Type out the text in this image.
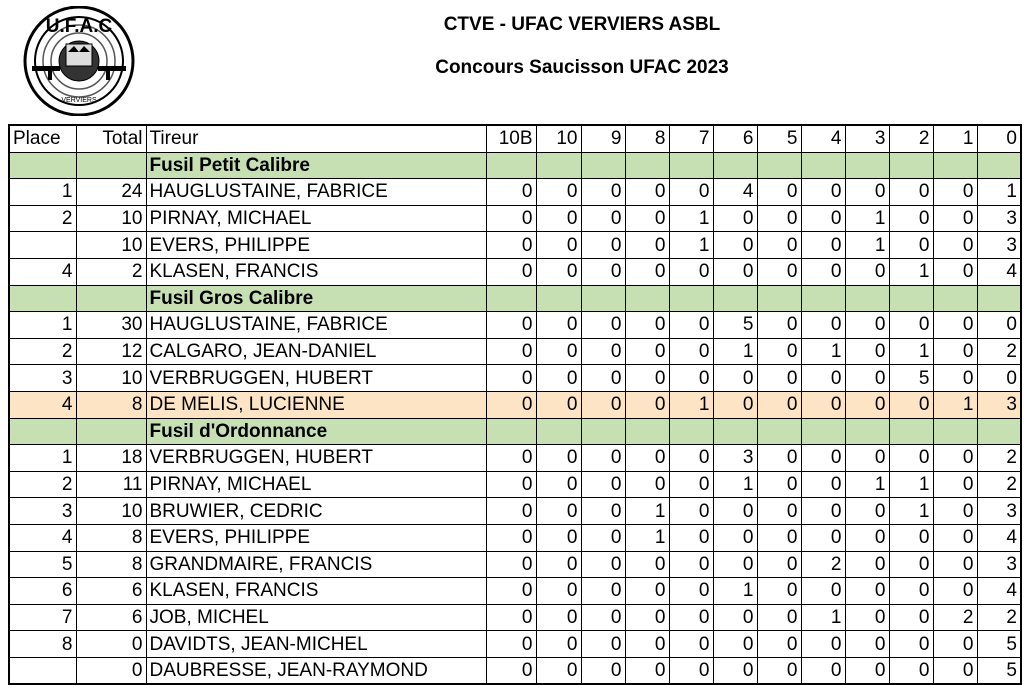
U.F.A.C
VERVIERS
CTVE - UFAC VERVIERS ASBL
Concours Saucisson UFAC 2023
Place	Total	Tireur	10B	10	9	8	7	6	5	4	3	2	1	0
		Fusil Petit Calibre												
1	24	HAUGLUSTAINE, FABRICE	0	0	0	0	0	4	0	0	0	0	0	1
2	10	PIRNAY, MICHAEL	0	0	0	0	1	0	0	0	1	0	0	3
	10	EVERS, PHILIPPE	0	0	0	0	1	0	0	0	1	0	0	3
4	2	KLASEN, FRANCIS	0	0	0	0	0	0	0	0	0	1	0	4
		Fusil Gros Calibre												
1	30	HAUGLUSTAINE, FABRICE	0	0	0	0	0	5	0	0	0	0	0	0
2	12	CALGARO, JEAN-DANIEL	0	0	0	0	0	1	0	1	0	1	0	2
3	10	VERBRUGGEN, HUBERT	0	0	0	0	0	0	0	0	0	5	0	0
4	8	DE MELIS, LUCIENNE	0	0	0	0	1	0	0	0	0	0	1	3
		Fusil d'Ordonnance												
1	18	VERBRUGGEN, HUBERT	0	0	0	0	0	3	0	0	0	0	0	2
2	11	PIRNAY, MICHAEL	0	0	0	0	0	1	0	0	1	1	0	2
3	10	BRUWIER, CEDRIC	0	0	0	1	0	0	0	0	0	1	0	3
4	8	EVERS, PHILIPPE	0	0	0	1	0	0	0	0	0	0	0	4
5	8	GRANDMAIRE, FRANCIS	0	0	0	0	0	0	0	2	0	0	0	3
6	6	KLASEN, FRANCIS	0	0	0	0	0	1	0	0	0	0	0	4
7	6	JOB, MICHEL	0	0	0	0	0	0	0	1	0	0	2	2
8	0	DAVIDTS, JEAN-MICHEL	0	0	0	0	0	0	0	0	0	0	0	5
	0	DAUBRESSE, JEAN-RAYMOND	0	0	0	0	0	0	0	0	0	0	0	5
